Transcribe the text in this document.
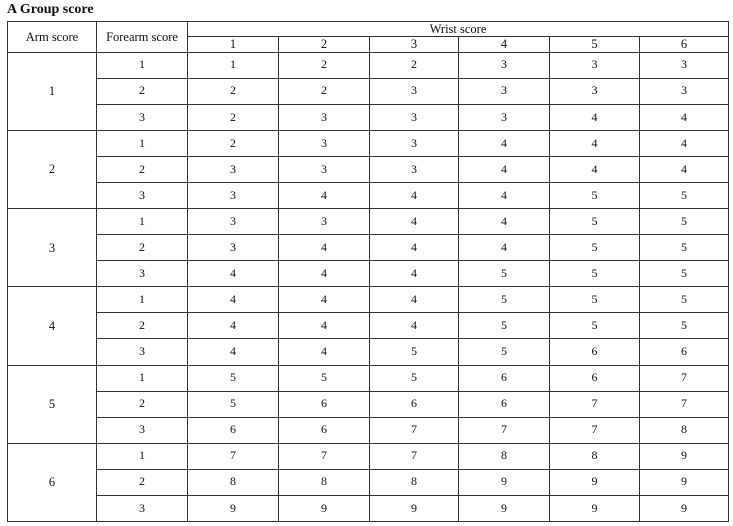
A Group score
Arm score	Forearm score	Wrist score					
		1	2	3	4	5	6
1	1	1	2	2	3	3	3
	2	2	2	3	3	3	3
	3	2	3	3	3	4	4
2	1	2	3	3	4	4	4
	2	3	3	3	4	4	4
	3	3	4	4	4	5	5
3	1	3	3	4	4	5	5
	2	3	4	4	4	5	5
	3	4	4	4	5	5	5
4	1	4	4	4	5	5	5
	2	4	4	4	5	5	5
	3	4	4	5	5	6	6
5	1	5	5	5	6	6	7
	2	5	6	6	6	7	7
	3	6	6	7	7	7	8
6	1	7	7	7	8	8	9
	2	8	8	8	9	9	9
	3	9	9	9	9	9	9
